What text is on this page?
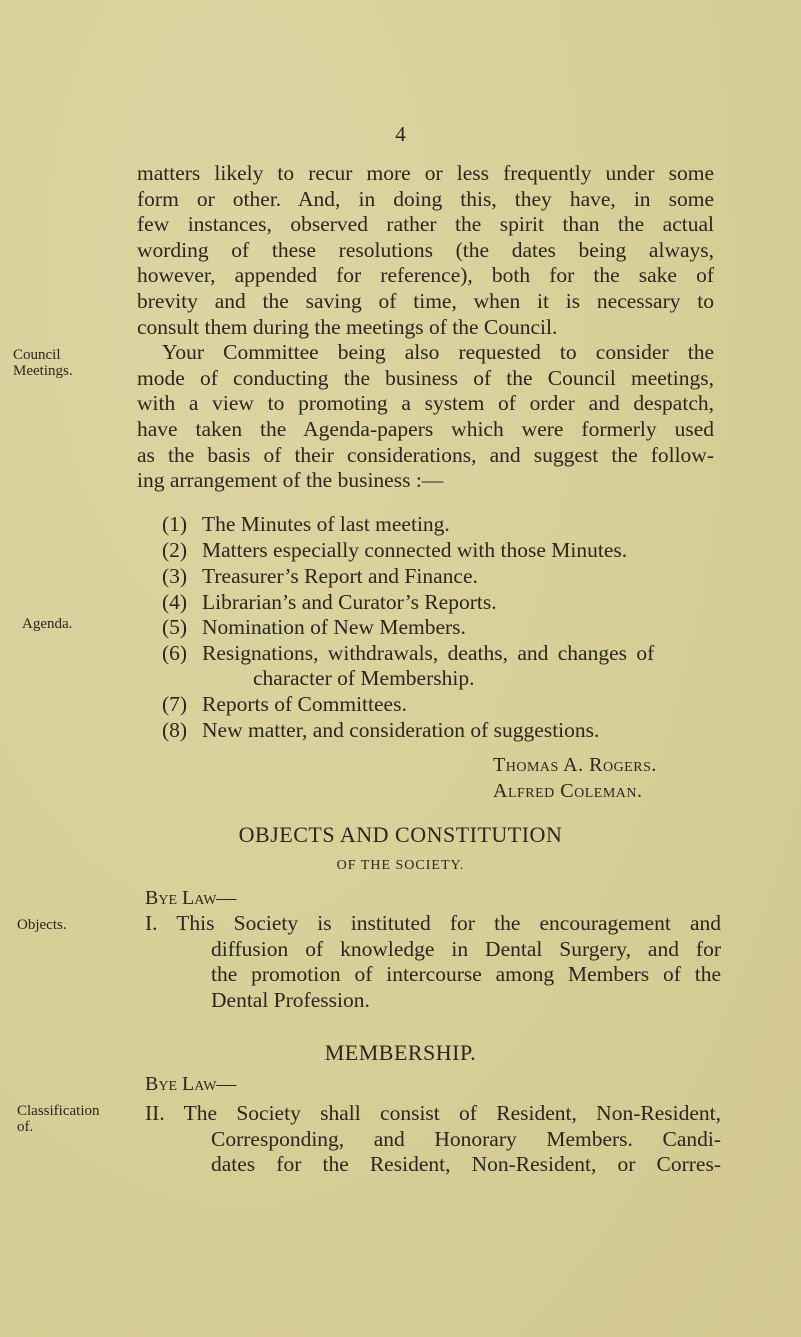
4
matters likely to recur more or less frequently under some
form or other. And, in doing this, they have, in some
few instances, observed rather the spirit than the actual
wording of these resolutions (the dates being always,
however, appended for reference), both for the sake of
brevity and the saving of time, when it is necessary to
consult them during the meetings of the Council.
Your Committee being also requested to consider the
mode of conducting the business of the Council meetings,
with a view to promoting a system of order and despatch,
have taken the Agenda-papers which were formerly used
as the basis of their considerations, and suggest the follow-
ing arrangement of the business :—
Council
Meetings.
(1) The Minutes of last meeting.
(2) Matters especially connected with those Minutes.
(3) Treasurer’s Report and Finance.
(4) Librarian’s and Curator’s Reports.
(5) Nomination of New Members.
(6) Resignations, withdrawals, deaths, and changes of
character of Membership.
(7) Reports of Committees.
(8) New matter, and consideration of suggestions.
Agenda.
Thomas A. Rogers.
Alfred Coleman.
OBJECTS AND CONSTITUTION
OF THE SOCIETY.
Bye Law—
Objects.	I. This Society is instituted for the encouragement and
diffusion of knowledge in Dental Surgery, and for
the promotion of intercourse among Members of the
Dental Profession.
MEMBERSHIP.
Bye Law—
Classification
of.
II. The Society shall consist of Resident, Non-Resident,
Corresponding, and Honorary Members. Candi-
dates for the Resident, Non-Resident, or Corres-
